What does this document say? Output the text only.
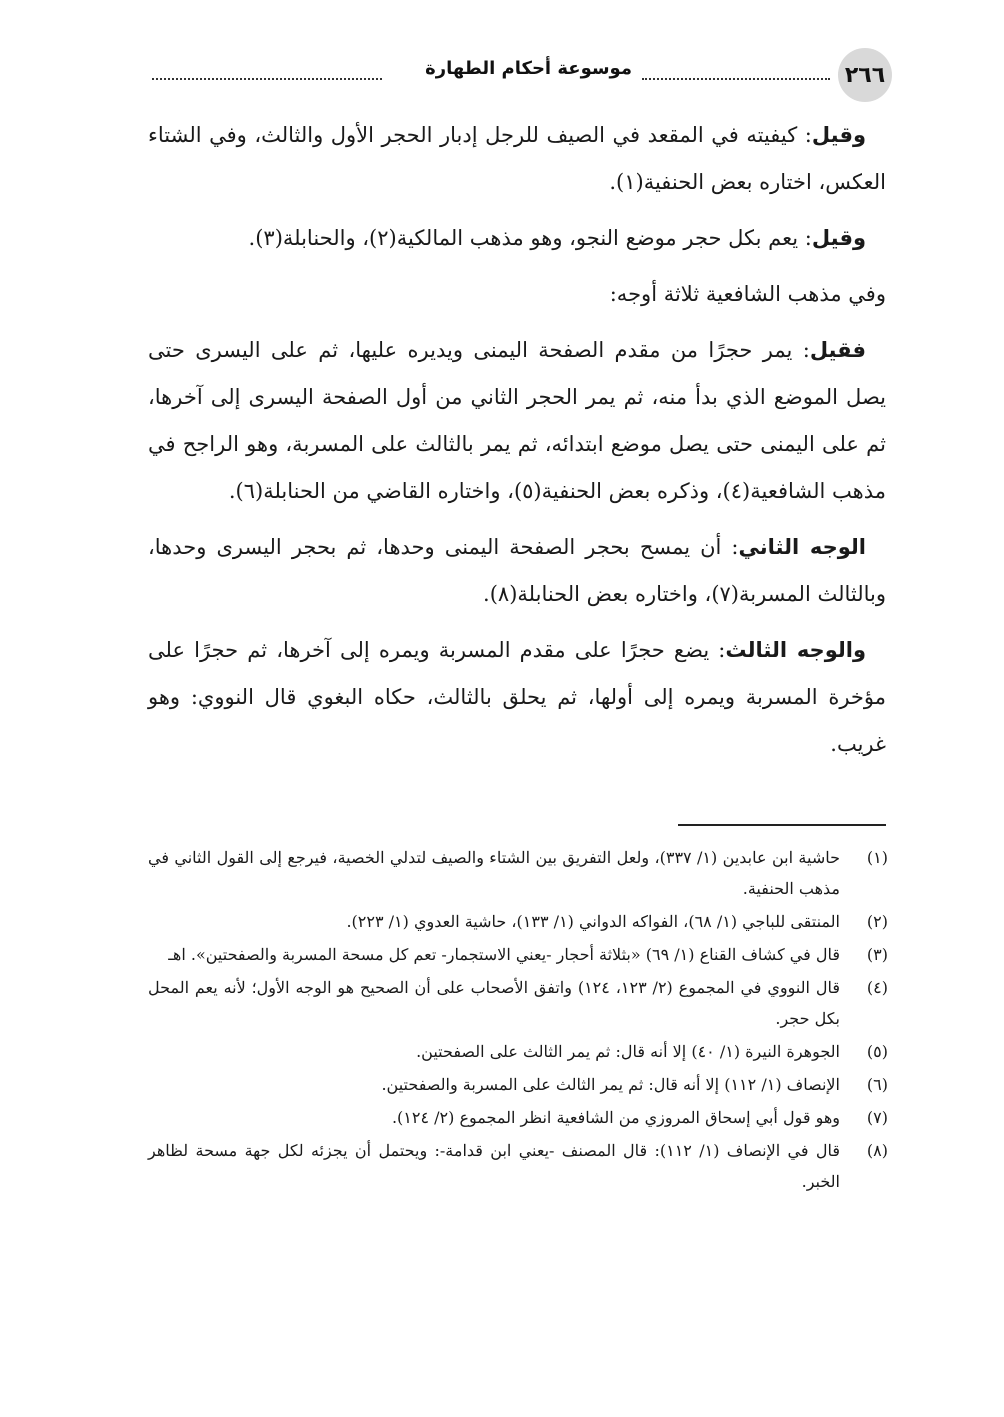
٢٦٦
موسوعة أحكام الطهارة

وقيل: كيفيته في المقعد في الصيف للرجل إدبار الحجر الأول والثالث، وفي الشتاء العكس، اختاره بعض الحنفية(١).

وقيل: يعم بكل حجر موضع النجو، وهو مذهب المالكية(٢)، والحنابلة(٣).

وفي مذهب الشافعية ثلاثة أوجه:

فقيل: يمر حجرًا من مقدم الصفحة اليمنى ويديره عليها، ثم على اليسرى حتى يصل الموضع الذي بدأ منه، ثم يمر الحجر الثاني من أول الصفحة اليسرى إلى آخرها، ثم على اليمنى حتى يصل موضع ابتدائه، ثم يمر بالثالث على المسربة، وهو الراجح في مذهب الشافعية(٤)، وذكره بعض الحنفية(٥)، واختاره القاضي من الحنابلة(٦).

الوجه الثاني: أن يمسح بحجر الصفحة اليمنى وحدها، ثم بحجر اليسرى وحدها، وبالثالث المسربة(٧)، واختاره بعض الحنابلة(٨).

والوجه الثالث: يضع حجرًا على مقدم المسربة ويمره إلى آخرها، ثم حجرًا على مؤخرة المسربة ويمره إلى أولها، ثم يحلق بالثالث، حكاه البغوي قال النووي: وهو غريب.

(١)
حاشية ابن عابدين (١/ ٣٣٧)، ولعل التفريق بين الشتاء والصيف لتدلي الخصية، فيرجع إلى القول الثاني في مذهب الحنفية.
(٢)
المنتقى للباجي (١/ ٦٨)، الفواكه الدواني (١/ ١٣٣)، حاشية العدوي (١/ ٢٢٣).
(٣)
قال في كشاف القناع (١/ ٦٩) «بثلاثة أحجار -يعني الاستجمار- تعم كل مسحة المسربة والصفحتين». اهـ
(٤)
قال النووي في المجموع (٢/ ١٢٣، ١٢٤) واتفق الأصحاب على أن الصحيح هو الوجه الأول؛ لأنه يعم المحل بكل حجر.
(٥)
الجوهرة النيرة (١/ ٤٠) إلا أنه قال: ثم يمر الثالث على الصفحتين.
(٦)
الإنصاف (١/ ١١٢) إلا أنه قال: ثم يمر الثالث على المسربة والصفحتين.
(٧)
وهو قول أبي إسحاق المروزي من الشافعية انظر المجموع (٢/ ١٢٤).
(٨)
قال في الإنصاف (١/ ١١٢): قال المصنف -يعني ابن قدامة-: ويحتمل أن يجزئه لكل جهة مسحة لظاهر الخبر.
